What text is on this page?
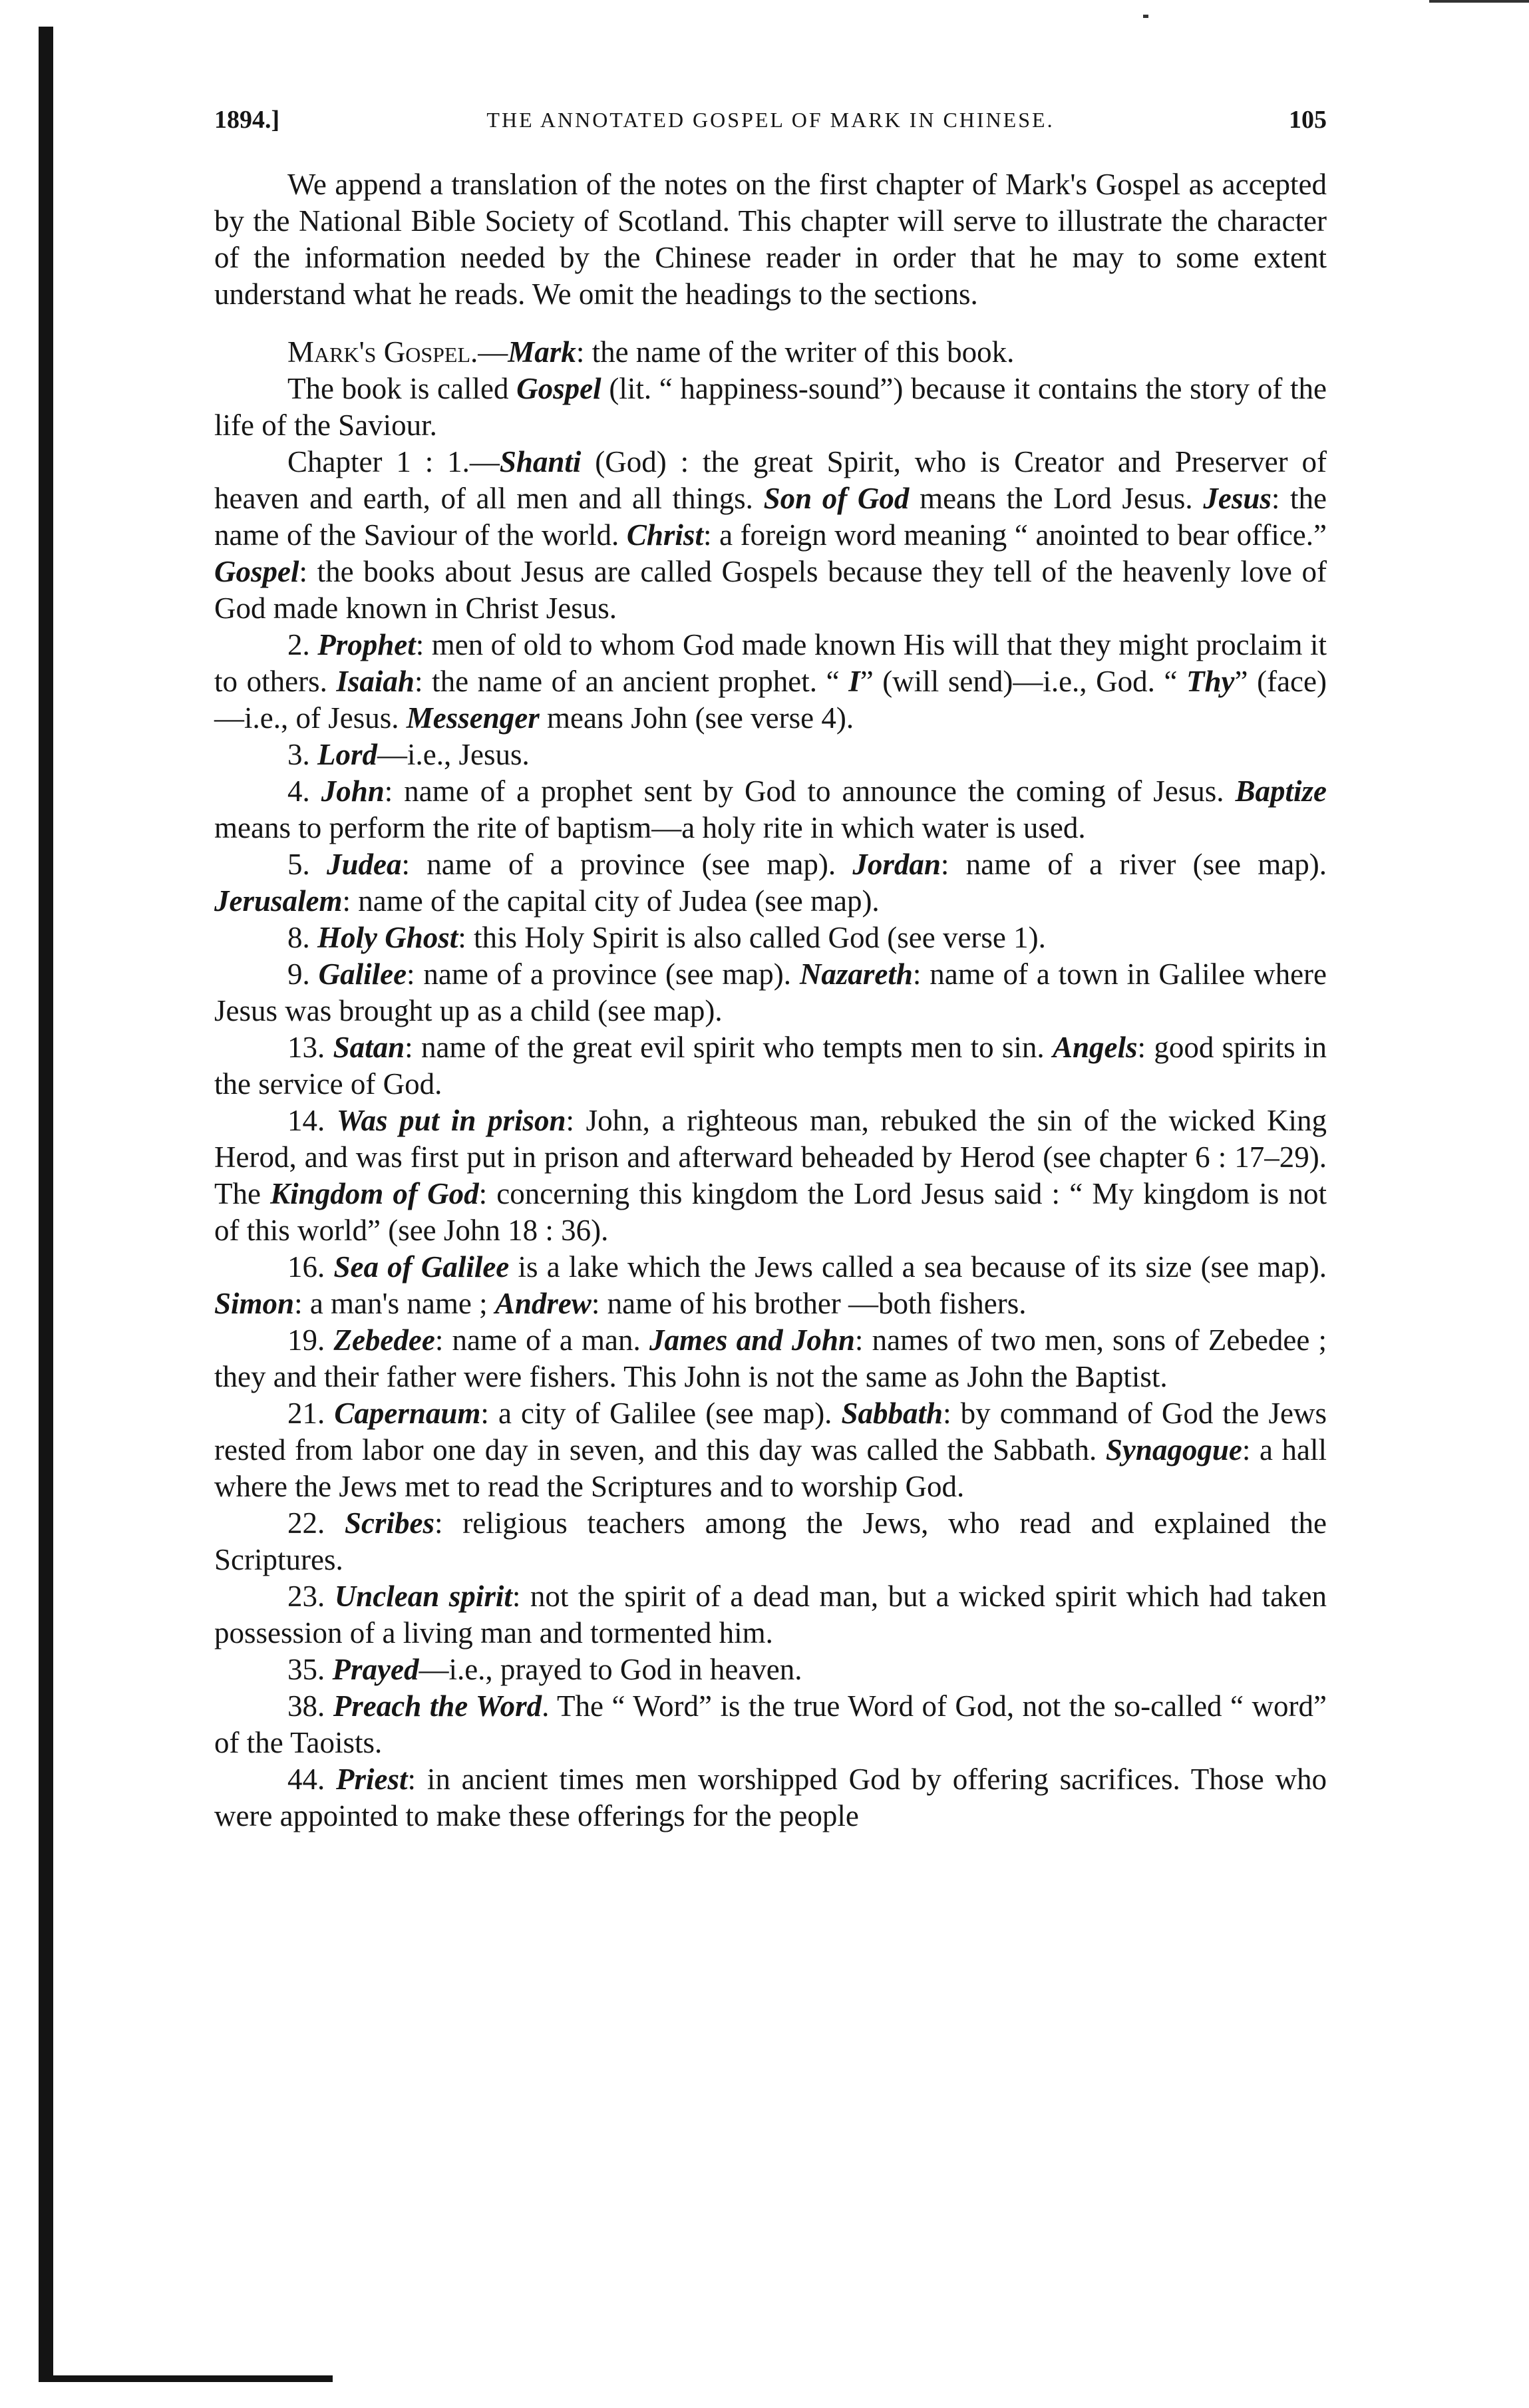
1894.]	THE ANNOTATED GOSPEL OF MARK IN CHINESE.	105

We append a translation of the notes on the first chapter of Mark's Gospel as accepted by the National Bible Society of Scotland. This chapter will serve to illustrate the character of the information needed by the Chinese reader in order that he may to some extent understand what he reads. We omit the headings to the sections.

Mark's Gospel.—Mark: the name of the writer of this book.

The book is called Gospel (lit. “ happiness-sound”) because it contains the story of the life of the Saviour.

Chapter 1 : 1.—Shanti (God) : the great Spirit, who is Creator and Preserver of heaven and earth, of all men and all things. Son of God means the Lord Jesus. Jesus: the name of the Saviour of the world. Christ: a foreign word meaning “ anointed to bear office.” Gospel: the books about Jesus are called Gospels because they tell of the heavenly love of God made known in Christ Jesus.

2. Prophet: men of old to whom God made known His will that they might proclaim it to others. Isaiah: the name of an ancient prophet. “ I” (will send)—i.e., God. “ Thy” (face)—i.e., of Jesus. Messenger means John (see verse 4).

3. Lord—i.e., Jesus.

4. John: name of a prophet sent by God to announce the coming of Jesus. Baptize means to perform the rite of baptism—a holy rite in which water is used.

5. Judea: name of a province (see map). Jordan: name of a river (see map). Jerusalem: name of the capital city of Judea (see map).

8. Holy Ghost: this Holy Spirit is also called God (see verse 1).

9. Galilee: name of a province (see map). Nazareth: name of a town in Galilee where Jesus was brought up as a child (see map).

13. Satan: name of the great evil spirit who tempts men to sin. Angels: good spirits in the service of God.

14. Was put in prison: John, a righteous man, rebuked the sin of the wicked King Herod, and was first put in prison and afterward beheaded by Herod (see chapter 6 : 17–29). The Kingdom of God: concerning this kingdom the Lord Jesus said : “ My kingdom is not of this world” (see John 18 : 36).

16. Sea of Galilee is a lake which the Jews called a sea because of its size (see map). Simon: a man's name ; Andrew: name of his brother —both fishers.

19. Zebedee: name of a man. James and John: names of two men, sons of Zebedee ; they and their father were fishers. This John is not the same as John the Baptist.

21. Capernaum: a city of Galilee (see map). Sabbath: by command of God the Jews rested from labor one day in seven, and this day was called the Sabbath. Synagogue: a hall where the Jews met to read the Scriptures and to worship God.

22. Scribes: religious teachers among the Jews, who read and explained the Scriptures.

23. Unclean spirit: not the spirit of a dead man, but a wicked spirit which had taken possession of a living man and tormented him.

35. Prayed—i.e., prayed to God in heaven.

38. Preach the Word. The “ Word” is the true Word of God, not the so-called “ word” of the Taoists.

44. Priest: in ancient times men worshipped God by offering sacrifices. Those who were appointed to make these offerings for the people
